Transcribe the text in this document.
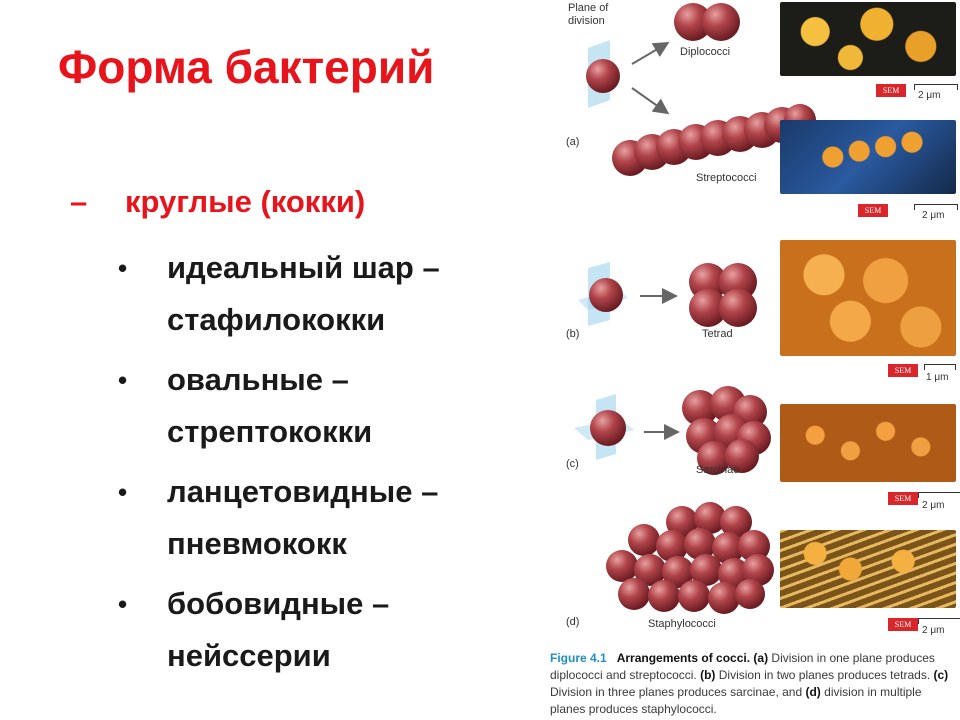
Форма бактерий
– круглые (кокки)
• идеальный шар – стафилококки
• овальные – стрептококки
• ланцетовидные – пневмококк
• бобовидные – нейссерии
Plane of
division
Diplococci
Streptococci
Tetrad
Sarcinae
Staphylococci
(a)
(b)
(c)
(d)
SEM	2 μm
SEM	2 μm
SEM
1 μm
SEM
2 μm
SEM
2 μm
Figure 4.1 Arrangements of cocci. (a) Division in one plane produces diplococci and streptococci. (b) Division in two planes produces tetrads. (c) Division in three planes produces sarcinae, and (d) division in multiple planes produces staphylococci.
